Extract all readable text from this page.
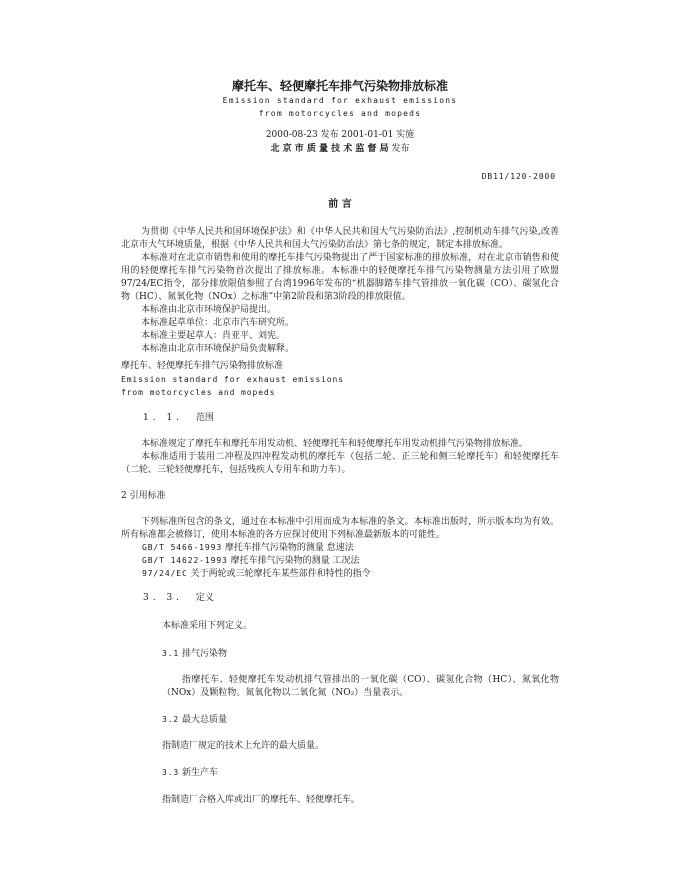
摩托车、轻便摩托车排气污染物排放标准
Emission standard for exhaust emissions
from motorcycles and mopeds
2000-08-23 发布 2001-01-01 实施
北 京 市 质 量 技 术 监 督 局 发布
DB11/120-2000
前 言

为贯彻《中华人民共和国环境保护法》和《中华人民共和国大气污染防治法》,控制机动车排气污染,改善北京市大气环境质量，根据《中华人民共和国大气污染防治法》第七条的规定，制定本排放标准。

本标准对在北京市销售和使用的摩托车排气污染物提出了严于国家标准的排放标准，对在北京市销售和使用的轻便摩托车排气污染物首次提出了排放标准。本标准中的轻便摩托车排气污染物测量方法引用了欧盟97/24/EC指令，部分排放限值参照了台湾1996年发布的“机器脚踏车排气管排放一氧化碳（CO）、碳氢化合物（HC）、氮氧化物（NOx）之标准”中第2阶段和第3阶段的排放限值。

本标准由北京市环境保护局提出。

本标准起草单位：北京市汽车研究所。

本标准主要起草人：肖亚平、刘宪。

本标准由北京市环境保护局负责解释。

摩托车、轻便摩托车排气污染物排放标准
Emission standard for exhaust emissions
from motorcycles and mopeds
1. 1. 范围

本标准规定了摩托车和摩托车用发动机、轻便摩托车和轻便摩托车用发动机排气污染物排放标准。

本标准适用于装用二冲程及四冲程发动机的摩托车（包括二轮、正三轮和侧三轮摩托车）和轻便摩托车（二轮、三轮轻便摩托车，包括残疾人专用车和助力车）。

2 引用标准

下列标准所包含的条文，通过在本标准中引用而成为本标准的条文。本标准出版时，所示版本均为有效。所有标准都会被修订，使用本标准的各方应探讨使用下列标准最新版本的可能性。

GB/T 5466-1993 摩托车排气污染物的测量 怠速法

GB/T 14622-1993 摩托车排气污染物的测量 工况法

97/24/EC 关于两轮或三轮摩托车某些部件和特性的指令

3. 3. 定义
本标准采用下列定义。
3.1 排气污染物
指摩托车、轻便摩托车发动机排气管排出的一氧化碳（CO）、碳氢化合物（HC）、氮氧化物（NOx）及颗粒物。氮氧化物以二氧化氮（NO₂）当量表示。
3.2 最大总质量
指制造厂规定的技术上允许的最大质量。
3.3 新生产车
指制造厂合格入库或出厂的摩托车、轻便摩托车。
